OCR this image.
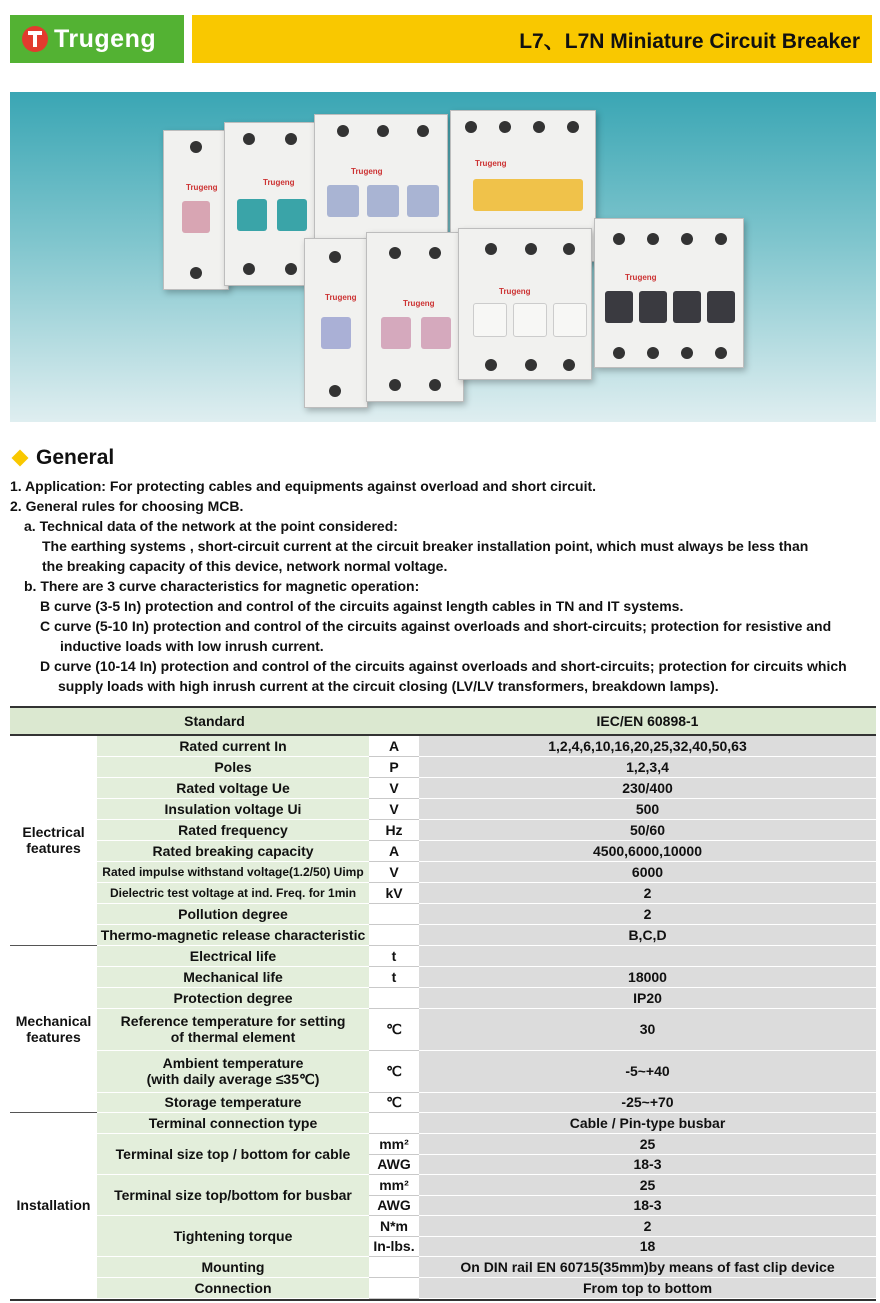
Trugeng	L7、L7N Miniature Circuit Breaker
Trugeng
Trugeng
Trugeng
Trugeng
Trugeng
Trugeng
Trugeng
Trugeng
General
1. Application: For protecting cables and equipments against overload and short circuit.
2. General rules for choosing MCB.
a. Technical data of the network at the point considered:
The earthing systems , short-circuit current at the circuit breaker installation point, which must always be less than
the breaking capacity of this device, network normal voltage.
b. There are 3 curve characteristics for magnetic operation:
B curve (3-5 In) protection and control of the circuits against length cables in TN and IT systems.
C curve (5-10 In) protection and control of the circuits against overloads and short-circuits; protection for resistive and
inductive loads with low inrush current.
D curve (10-14 In) protection and control of the circuits against overloads and short-circuits; protection for circuits which
supply loads with high inrush current at the circuit closing (LV/LV transformers, breakdown lamps).
Standard			IEC/EN 60898-1
Electrical
features	Rated current In	A	1,2,4,6,10,16,20,25,32,40,50,63
	Poles	P	1,2,3,4
	Rated voltage Ue	V	230/400
	Insulation voltage Ui	V	500
	Rated frequency	Hz	50/60
	Rated breaking capacity	A	4500,6000,10000
	Rated impulse withstand voltage(1.2/50) Uimp	V	6000
	Dielectric test voltage at ind. Freq. for 1min	kV	2
	Pollution degree		2
	Thermo-magnetic release characteristic		B,C,D
Mechanical
features	Electrical life	t	
	Mechanical life	t	18000
	Protection degree		IP20
	Reference temperature for setting
of thermal element	℃	30
	Ambient temperature
(with daily average ≤35℃)	℃	-5~+40
	Storage temperature	℃	-25~+70
Installation	Terminal connection type		Cable / Pin-type busbar
	Terminal size top / bottom for cable	mm²	25
		AWG	18-3
	Terminal size top/bottom for busbar	mm²	25
		AWG	18-3
	Tightening torque	N*m	2
		In-lbs.	18
	Mounting		On DIN rail EN 60715(35mm)by means of fast clip device
	Connection		From top to bottom
